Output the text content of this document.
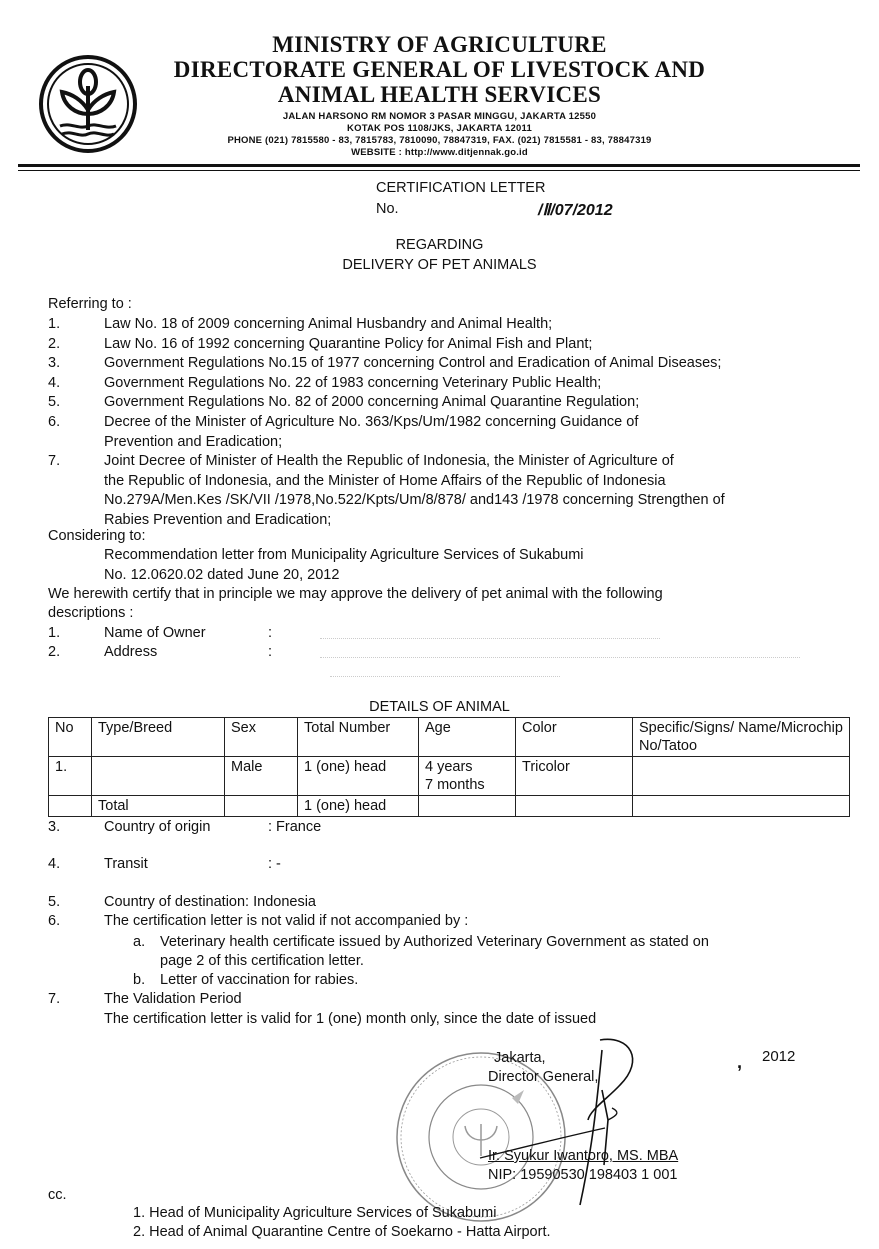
MINISTRY OF AGRICULTURE
DIRECTORATE GENERAL OF LIVESTOCK AND
ANIMAL HEALTH SERVICES
JALAN HARSONO RM NOMOR 3 PASAR MINGGU, JAKARTA 12550
KOTAK POS 1108/JKS, JAKARTA 12011
PHONE (021) 7815580 - 83, 7815783, 7810090, 78847319, FAX. (021) 7815581 - 83, 78847319
WEBSITE : http://www.ditjennak.go.id
CERTIFICATION LETTER
No.	/Ⅱ/07/2012
REGARDING
DELIVERY OF PET ANIMALS
Referring to :
1.	Law No. 18 of 2009 concerning Animal Husbandry and Animal Health;
2.	Law No. 16 of 1992 concerning Quarantine Policy for Animal Fish and Plant;
3.	Government Regulations No.15 of 1977 concerning Control and Eradication of Animal Diseases;
4.	Government Regulations No. 22 of 1983 concerning Veterinary Public Health;
5.	Government Regulations No. 82 of 2000 concerning Animal Quarantine Regulation;
6.	Decree of the Minister of Agriculture No. 363/Kps/Um/1982 concerning Guidance of
Prevention and Eradication;
7.	Joint Decree of Minister of Health the Republic of Indonesia, the Minister of Agriculture of
the Republic of Indonesia, and the Minister of Home Affairs of the Republic of Indonesia
No.279A/Men.Kes /SK/VII /1978,No.522/Kpts/Um/8/878/ and143 /1978 concerning Strengthen of
Rabies Prevention and Eradication;
Considering to:
Recommendation letter from Municipality Agriculture Services of Sukabumi
No. 12.0620.02 dated June 20, 2012
We herewith certify that in principle we may approve the delivery of pet animal with the following
descriptions :
1.	Name of Owner	:
2.	Address	:
DETAILS OF ANIMAL
No	Type/Breed	Sex	Total Number	Age	Color	Specific/Signs/ Name/Microchip No/Tatoo
1.		Male	1 (one) head	4 years
7 months	Tricolor	
	Total		1 (one) head			
3.	Country of origin	: France
4.	Transit	: -
5.	Country of destination: Indonesia
6.	The certification letter is not valid if not accompanied by :
a. Veterinary health certificate issued by Authorized Veterinary Government as stated on
page 2 of this certification letter.
b. Letter of vaccination for rabies.
7.	The Validation Period
The certification letter is valid for 1 (one) month only, since the date of issued
Jakarta,	, 2012
Director General,
Ir. Syukur Iwantoro, MS. MBA
NIP: 19590530 198403 1 001
cc.
1. Head of Municipality Agriculture Services of Sukabumi
2. Head of Animal Quarantine Centre of Soekarno - Hatta Airport.
